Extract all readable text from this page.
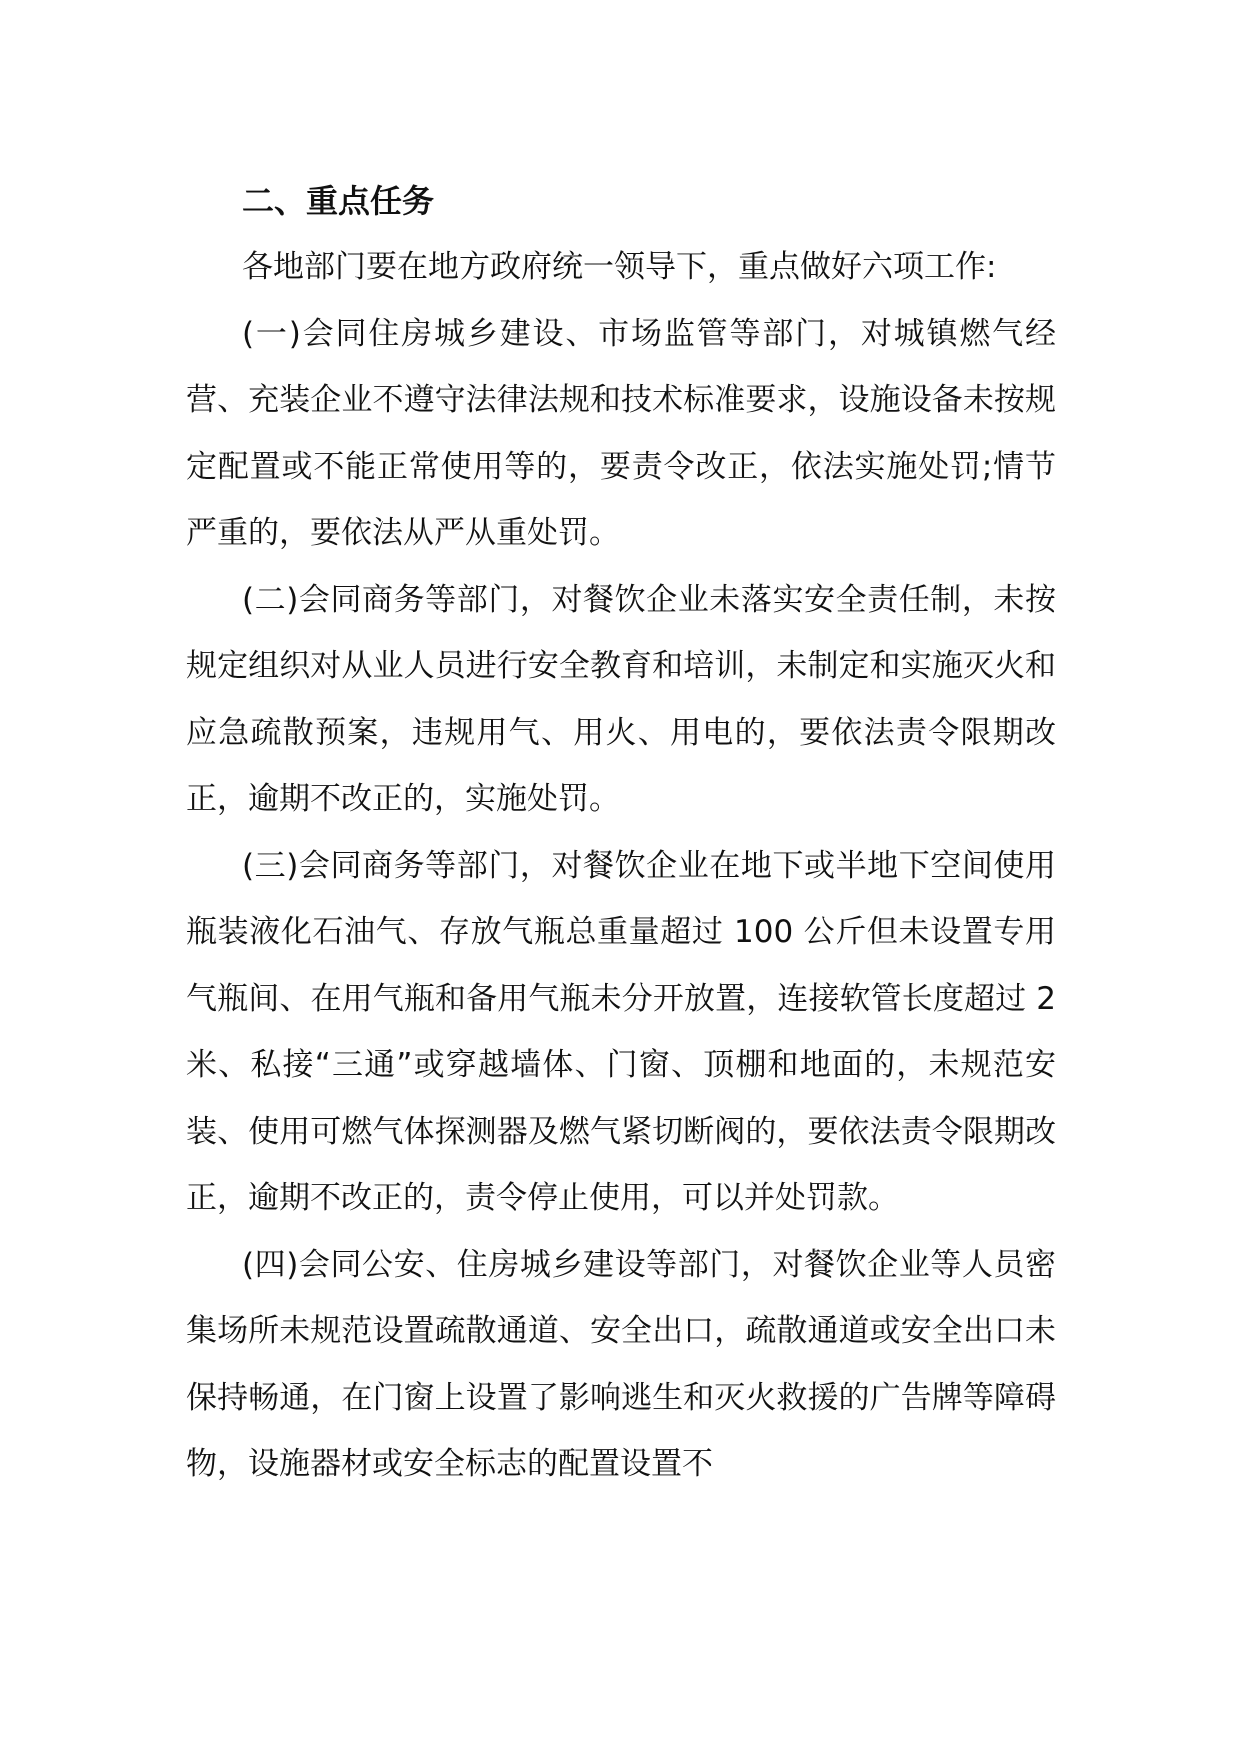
二、重点任务

各地部门要在地方政府统一领导下，重点做好六项工作:

(一)会同住房城乡建设、市场监管等部门，对城镇燃气经营、充装企业不遵守法律法规和技术标准要求，设施设备未按规定配置或不能正常使用等的，要责令改正，依法实施处罚;情节严重的，要依法从严从重处罚。

(二)会同商务等部门，对餐饮企业未落实安全责任制，未按规定组织对从业人员进行安全教育和培训，未制定和实施灭火和应急疏散预案，违规用气、用火、用电的，要依法责令限期改正，逾期不改正的，实施处罚。

(三)会同商务等部门，对餐饮企业在地下或半地下空间使用瓶装液化石油气、存放气瓶总重量超过 100 公斤但未设置专用气瓶间、在用气瓶和备用气瓶未分开放置，连接软管长度超过 2 米、私接“三通”或穿越墙体、门窗、顶棚和地面的，未规范安装、使用可燃气体探测器及燃气紧切断阀的，要依法责令限期改正，逾期不改正的，责令停止使用，可以并处罚款。

(四)会同公安、住房城乡建设等部门，对餐饮企业等人员密集场所未规范设置疏散通道、安全出口，疏散通道或安全出口未保持畅通，在门窗上设置了影响逃生和灭火救援的广告牌等障碍物，设施器材或安全标志的配置设置不
